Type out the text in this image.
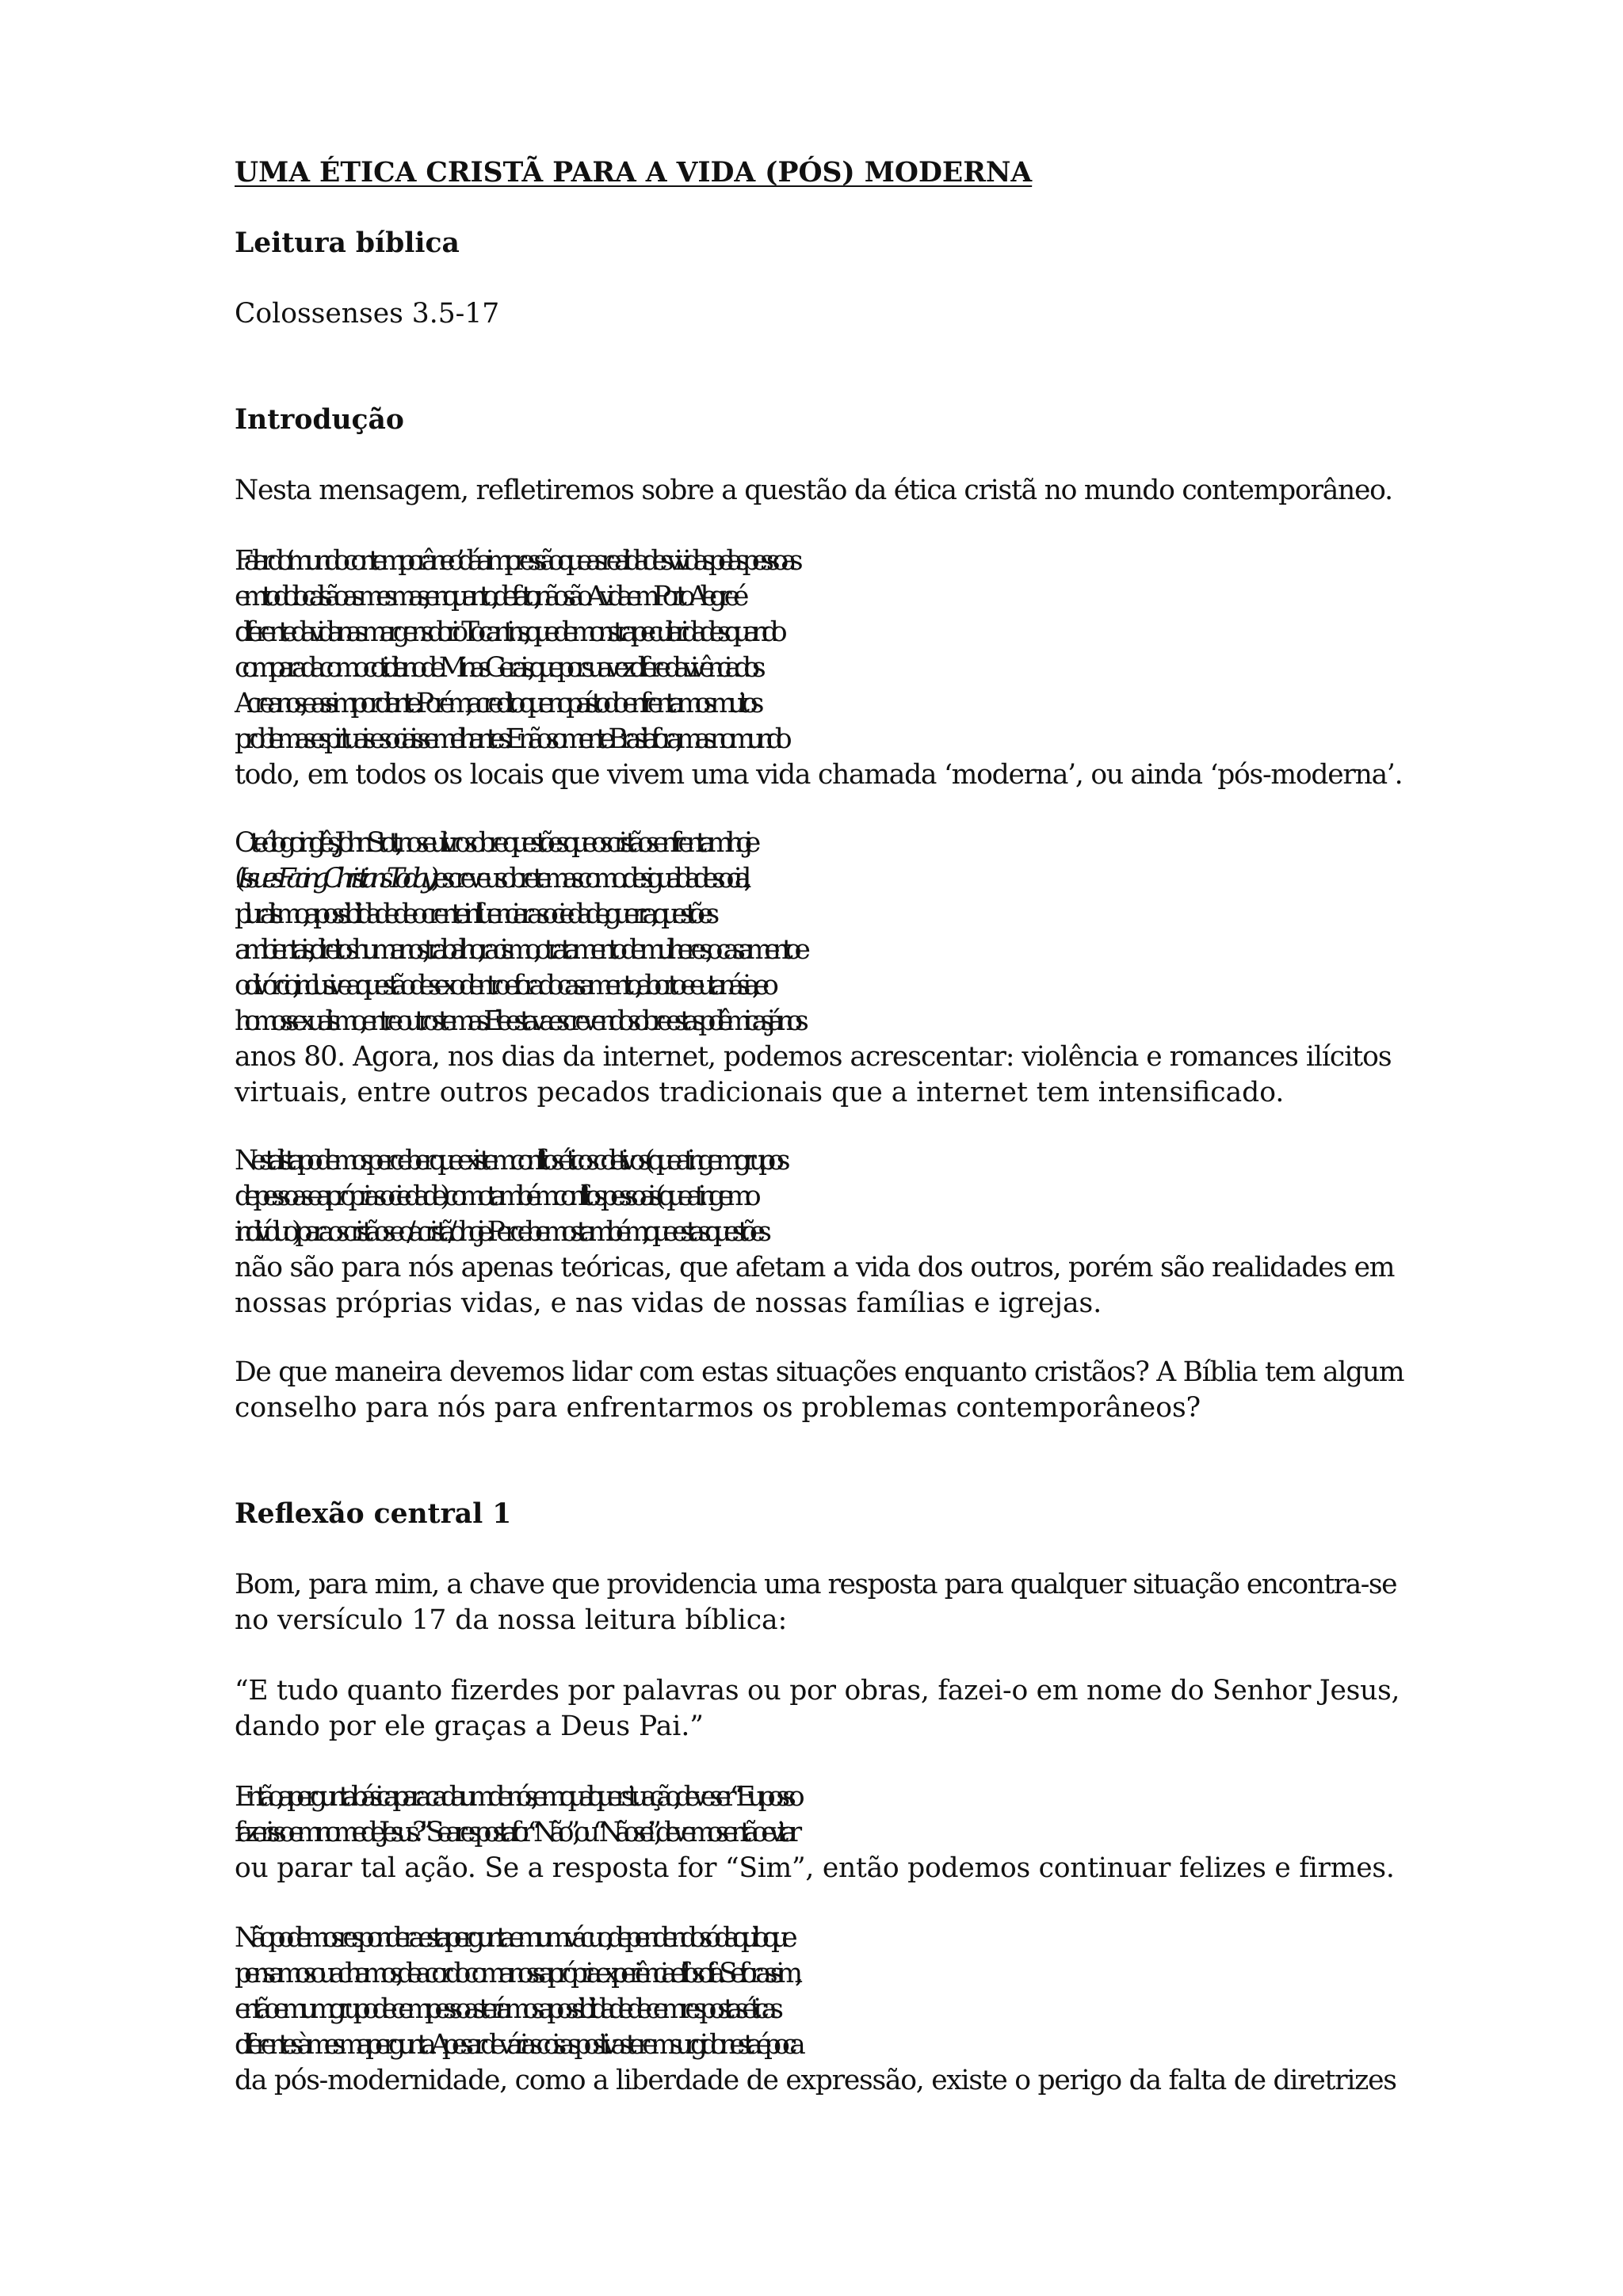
UMA ÉTICA CRISTÃ PARA A VIDA (PÓS) MODERNA

Leitura bíblica

Colossenses 3.5-17

Introdução

Nesta mensagem, refletiremos sobre a questão da ética cristã no mundo contemporâneo.
Falar do ‘mundo contemporâneo’ dá a impressão que as realidades vividas pelas pessoas
em todo local são as mesmas, enquanto, de fato, não são. A vida em Porto Alegre é
diferente da vida nas margens do rio Tocantins, que demonstra peculiaridades quando
comparada com o cotidiano de Minas Gerais, que por sua vez difere da vivência dos
Acreanos, e assim por diante. Porém, acredito que no país todo enfrentamos muitos
problemas espirituais e sociais semelhantes. E não somente Brasil afora, mas no mundo
todo, em todos os locais que vivem uma vida chamada ‘moderna’, ou ainda ‘pós-moderna’.
O teólogo inglês, John Stott, no seu livro sobre questões que os cristãos enfrentam hoje
(Issues Facing Christians Today), escreveu sobre temas como: desigualdade social,
pluralismo, a possibilidade de o crente influenciar a sociedade, guerra, questões
ambientais, direitos humanos, trabalho, racismo, o tratamento de mulheres, o casamento e
o divórcio, inclusive a questão de sexo dentro e fora do casamento, aborto e eutanásia, e o
homossexualismo, entre outros temas. Ele estava escrevendo sobre estas polêmicas já nos
anos 80. Agora, nos dias da internet, podemos acrescentar: violência e romances ilícitos
virtuais, entre outros pecados tradicionais que a internet tem intensificado.
Nesta lista podemos perceber que existem conflitos éticos coletivos (que atingem grupos
de pessoas e a própria sociedade) como também conflitos pessoais (que atingem o
indivíduo) para os cristãos e o/a cristã/o hoje. Percebemos também, que estas questões
não são para nós apenas teóricas, que afetam a vida dos outros, porém são realidades em
nossas próprias vidas, e nas vidas de nossas famílias e igrejas.
De que maneira devemos lidar com estas situações enquanto cristãos? A Bíblia tem algum
conselho para nós para enfrentarmos os problemas contemporâneos?

Reflexão central 1

Bom, para mim, a chave que providencia uma resposta para qualquer situação encontra-se
no versículo 17 da nossa leitura bíblica:
“E tudo quanto fizerdes por palavras ou por obras, fazei-o em nome do Senhor Jesus,
dando por ele graças a Deus Pai.”
Então, a pergunta básica para cada um de nós, em qualquer situação, deve ser “Eu posso
fazer isso em nome de Jesus?” Se a resposta for “Não”, ou “Não sei”, devemos então evitar
ou parar tal ação. Se a resposta for “Sim”, então podemos continuar felizes e firmes.
Não podemos responder a esta pergunta em um vácuo, dependendo só daquilo que
pensamos ou achamos, de acordo com a nossa própria experiência e filosofia. Se for assim,
então em um grupo de cem pessoas teríamos a possibilidade de cem respostas éticas
diferentes à mesma pergunta. Apesar de várias coisas positivas terem surgido nesta época
da pós-modernidade, como a liberdade de expressão, existe o perigo da falta de diretrizes
